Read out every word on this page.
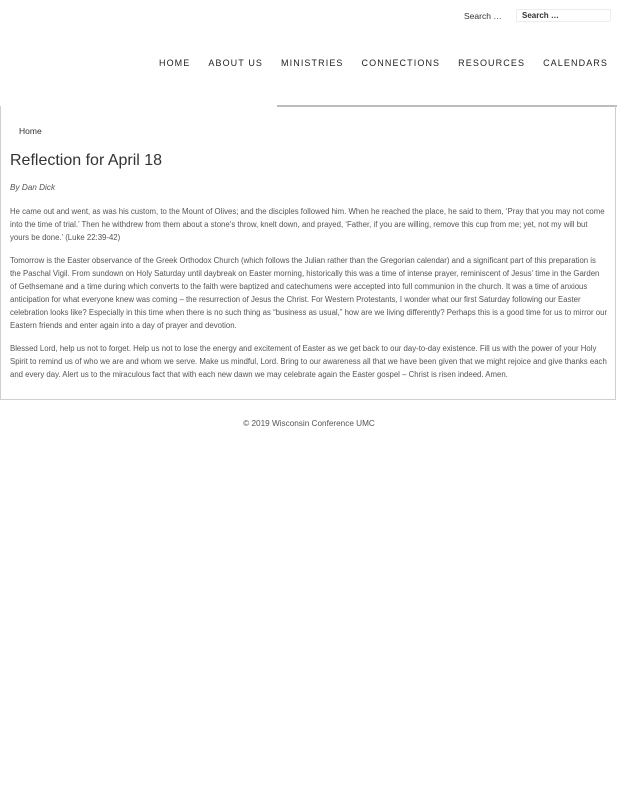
Search …
Search …
HOME ABOUT US MINISTRIES CONNECTIONS RESOURCES CALENDARS
Home
Reflection for April 18
By Dan Dick

He came out and went, as was his custom, to the Mount of Olives; and the disciples followed him. When he reached the place, he said to them, ‘Pray that you may not come into the time of trial.’ Then he withdrew from them about a stone’s throw, knelt down, and prayed, ‘Father, if you are willing, remove this cup from me; yet, not my will but yours be done.’ (Luke 22:39-42)

Tomorrow is the Easter observance of the Greek Orthodox Church (which follows the Julian rather than the Gregorian calendar) and a significant part of this preparation is the Paschal Vigil. From sundown on Holy Saturday until daybreak on Easter morning, historically this was a time of intense prayer, reminiscent of Jesus’ time in the Garden of Gethsemane and a time during which converts to the faith were baptized and catechumens were accepted into full communion in the church. It was a time of anxious anticipation for what everyone knew was coming – the resurrection of Jesus the Christ. For Western Protestants, I wonder what our first Saturday following our Easter celebration looks like? Especially in this time when there is no such thing as “business as usual,” how are we living differently? Perhaps this is a good time for us to mirror our Eastern friends and enter again into a day of prayer and devotion.

Blessed Lord, help us not to forget. Help us not to lose the energy and excitement of Easter as we get back to our day-to-day existence. Fill us with the power of your Holy Spirit to remind us of who we are and whom we serve. Make us mindful, Lord. Bring to our awareness all that we have been given that we might rejoice and give thanks each and every day. Alert us to the miraculous fact that with each new dawn we may celebrate again the Easter gospel – Christ is risen indeed. Amen.

© 2019 Wisconsin Conference UMC
